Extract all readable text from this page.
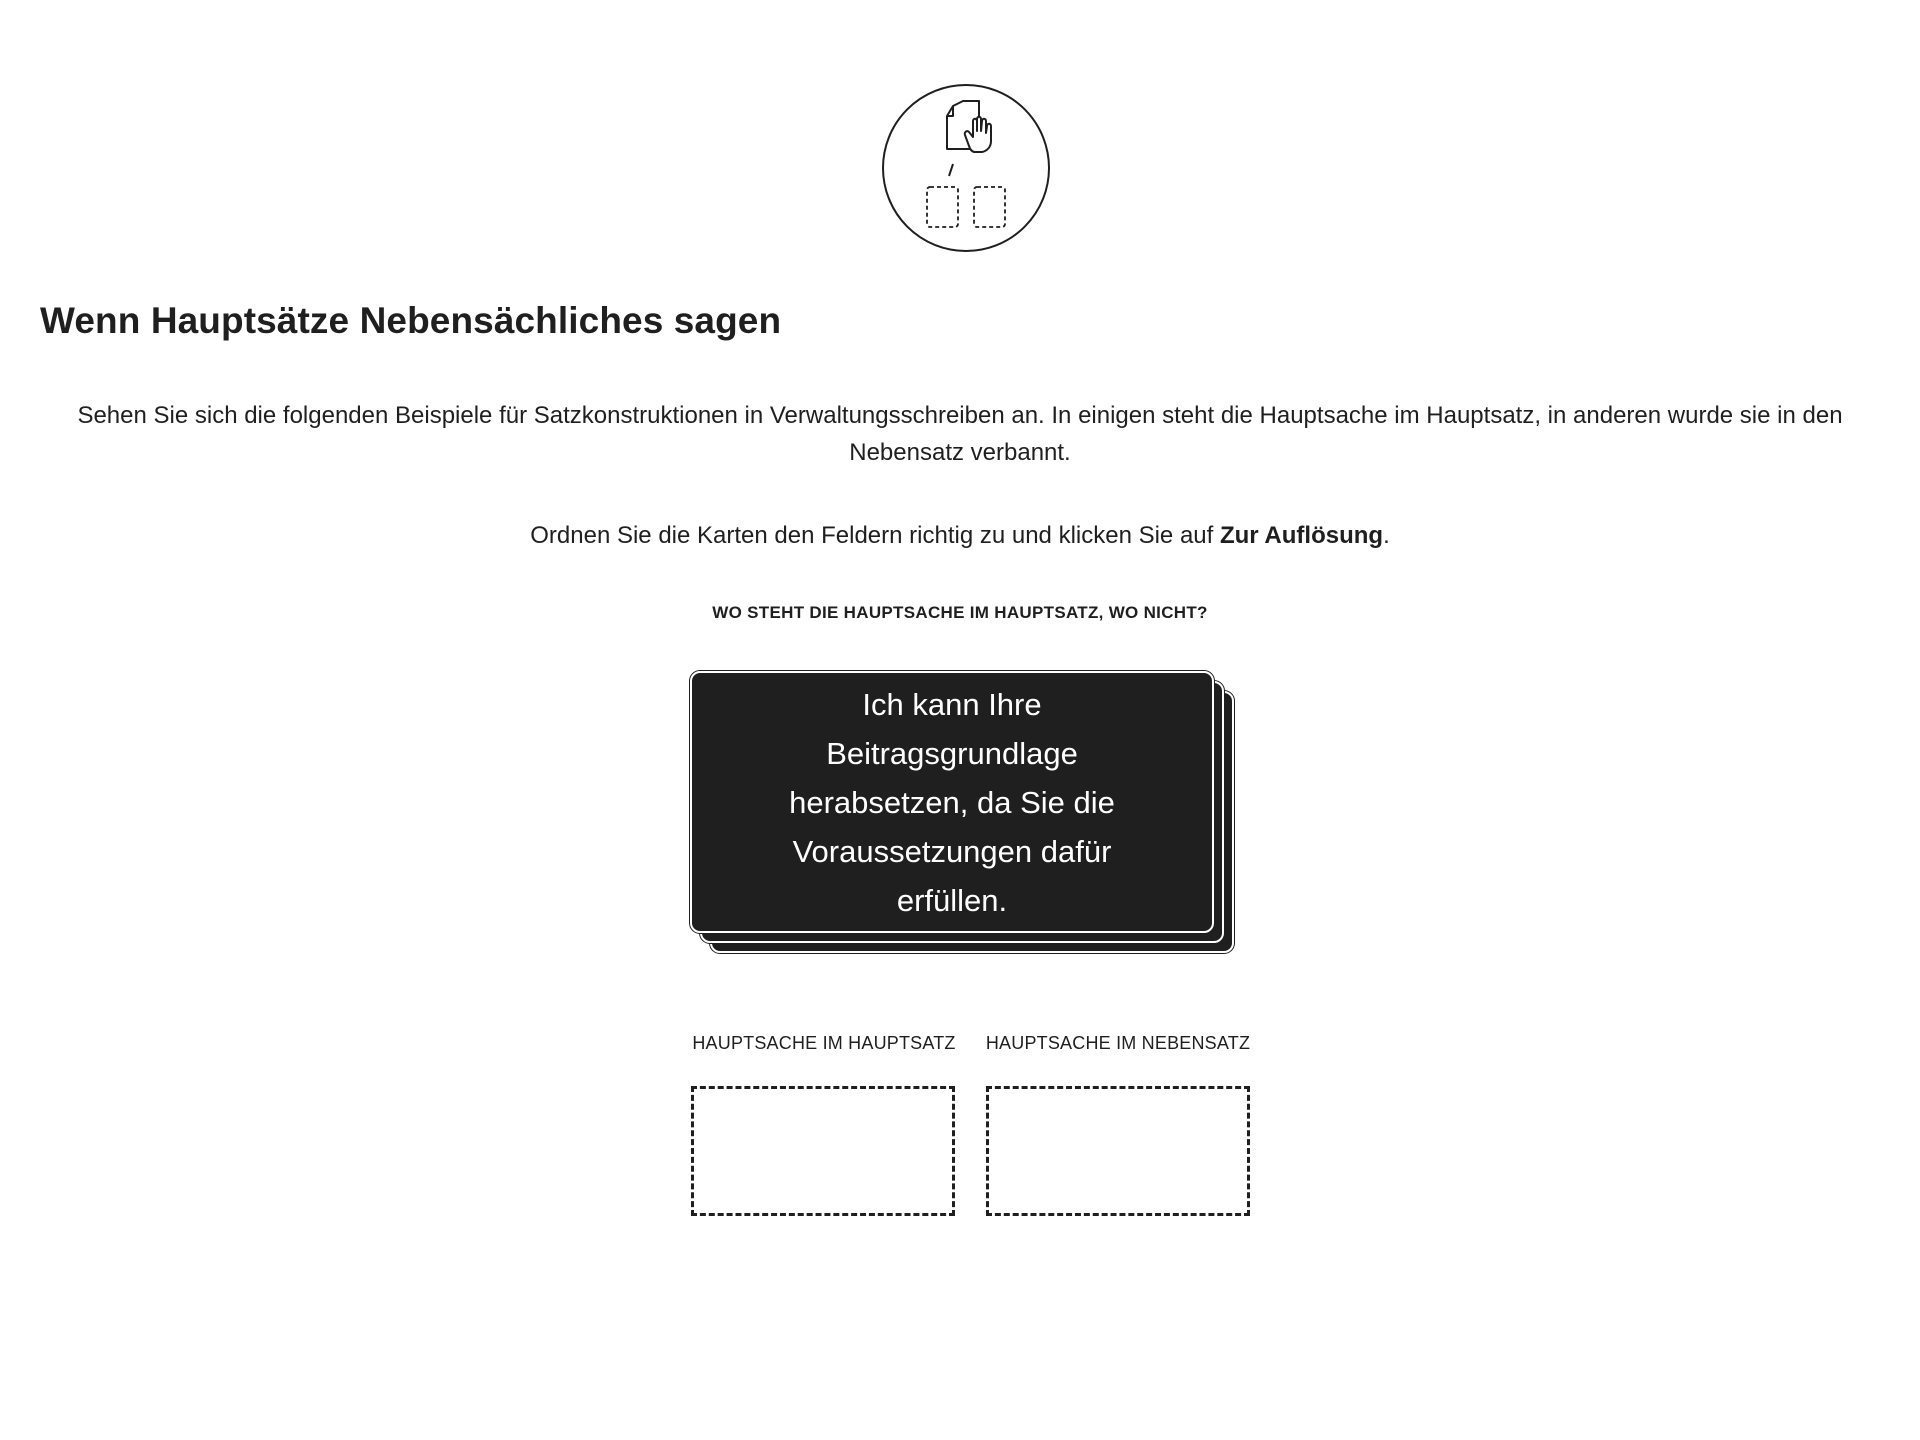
Wenn Hauptsätze Nebensächliches sagen

Sehen Sie sich die folgenden Beispiele für Satzkonstruktionen in Verwaltungsschreiben an. In einigen steht die Hauptsache im Hauptsatz, in anderen wurde sie in den Nebensatz verbannt.

Ordnen Sie die Karten den Feldern richtig zu und klicken Sie auf Zur Auflösung.

WO STEHT DIE HAUPTSACHE IM HAUPTSATZ, WO NICHT?

Ich kann Ihre Beitragsgrundlage herabsetzen, da Sie die Voraussetzungen dafür erfüllen.
HAUPTSACHE IM HAUPTSATZ HAUPTSACHE IM NEBENSATZ
